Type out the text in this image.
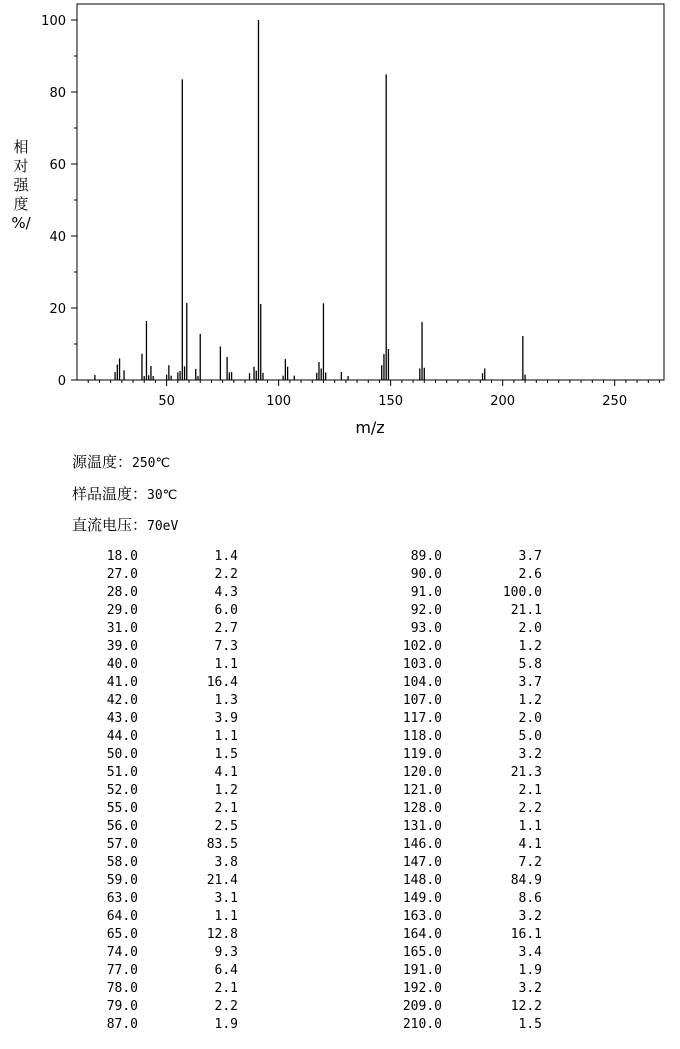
0
20
40
60
80
100
50	100	150	200	250
m/z
相
对
强
度
%/
源温度：250℃
样品温度：30℃
直流电压：70eV
18.0	1.4	89.0	3.7
27.0	2.2	90.0	2.6
28.0	4.3	91.0	100.0
29.0	6.0	92.0	21.1
31.0	2.7	93.0	2.0
39.0	7.3	102.0	1.2
40.0	1.1	103.0	5.8
41.0	16.4	104.0	3.7
42.0	1.3	107.0	1.2
43.0	3.9	117.0	2.0
44.0	1.1	118.0	5.0
50.0	1.5	119.0	3.2
51.0	4.1	120.0	21.3
52.0	1.2	121.0	2.1
55.0	2.1	128.0	2.2
56.0	2.5	131.0	1.1
57.0	83.5	146.0	4.1
58.0	3.8	147.0	7.2
59.0	21.4	148.0	84.9
63.0	3.1	149.0	8.6
64.0	1.1	163.0	3.2
65.0	12.8	164.0	16.1
74.0	9.3	165.0	3.4
77.0	6.4	191.0	1.9
78.0	2.1	192.0	3.2
79.0	2.2	209.0	12.2
87.0	1.9	210.0	1.5
